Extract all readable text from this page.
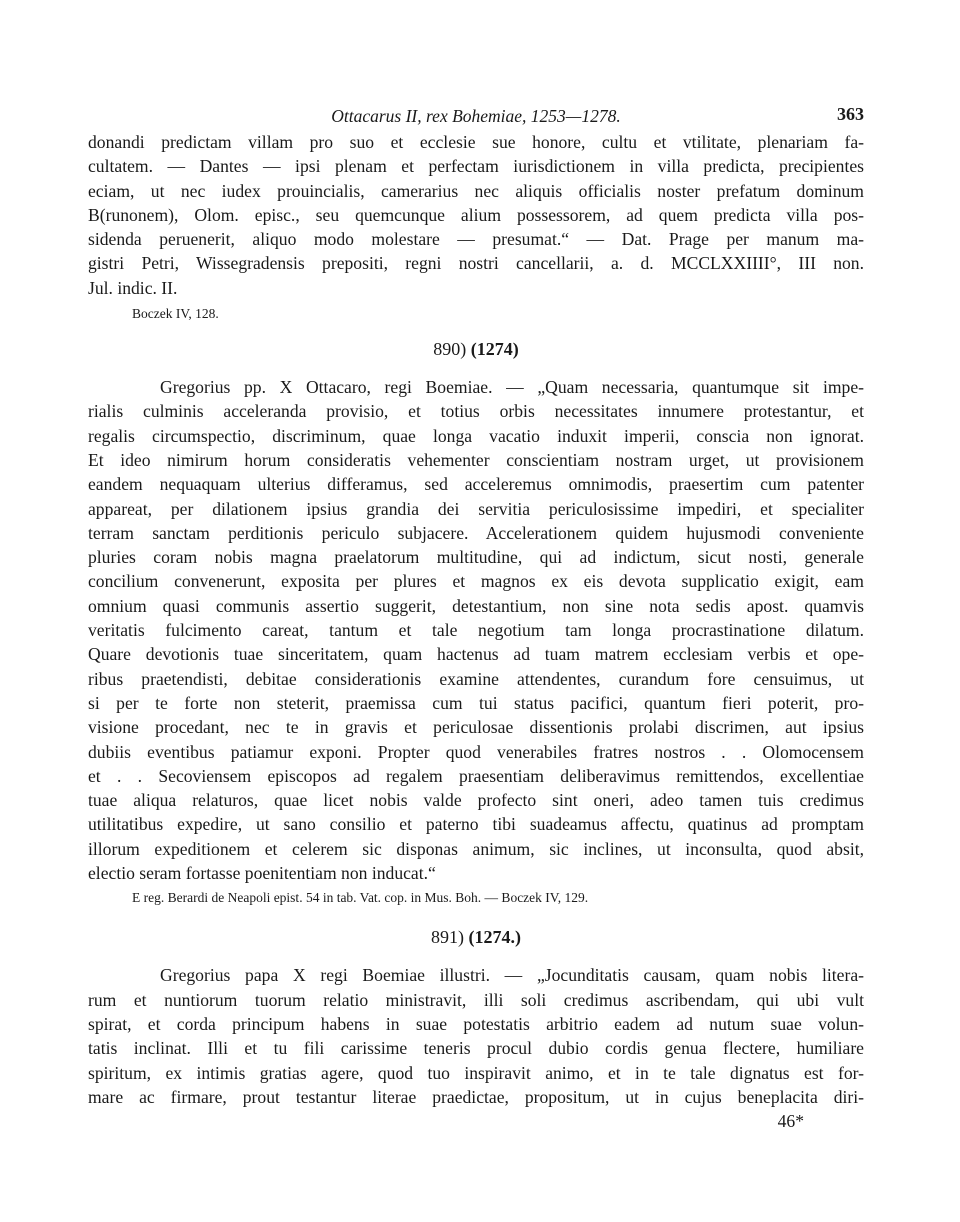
Ottacarus II, rex Bohemiae, 1253—1278.	363
donandi predictam villam pro suo et ecclesie sue honore, cultu et vtilitate, plenariam fa-
cultatem. — Dantes — ipsi plenam et perfectam iurisdictionem in villa predicta, precipientes
eciam, ut nec iudex prouincialis, camerarius nec aliquis officialis noster prefatum dominum
B(runonem), Olom. episc., seu quemcunque alium possessorem, ad quem predicta villa pos-
sidenda peruenerit, aliquo modo molestare — presumat.“ — Dat. Prage per manum ma-
gistri Petri, Wissegradensis prepositi, regni nostri cancellarii, a. d. MCCLXXIIII°, III non.
Jul. indic. II.
Boczek IV, 128.
890) (1274)
Gregorius pp. X Ottacaro, regi Boemiae. — „Quam necessaria, quantumque sit impe-
rialis culminis acceleranda provisio, et totius orbis necessitates innumere protestantur, et
regalis circumspectio, discriminum, quae longa vacatio induxit imperii, conscia non ignorat.
Et ideo nimirum horum consideratis vehementer conscientiam nostram urget, ut provisionem
eandem nequaquam ulterius differamus, sed acceleremus omnimodis, praesertim cum patenter
appareat, per dilationem ipsius grandia dei servitia periculosissime impediri, et specialiter
terram sanctam perditionis periculo subjacere. Accelerationem quidem hujusmodi conveniente
pluries coram nobis magna praelatorum multitudine, qui ad indictum, sicut nosti, generale
concilium convenerunt, exposita per plures et magnos ex eis devota supplicatio exigit, eam
omnium quasi communis assertio suggerit, detestantium, non sine nota sedis apost. quamvis
veritatis fulcimento careat, tantum et tale negotium tam longa procrastinatione dilatum.
Quare devotionis tuae sinceritatem, quam hactenus ad tuam matrem ecclesiam verbis et ope-
ribus praetendisti, debitae considerationis examine attendentes, curandum fore censuimus, ut
si per te forte non steterit, praemissa cum tui status pacifici, quantum fieri poterit, pro-
visione procedant, nec te in gravis et periculosae dissentionis prolabi discrimen, aut ipsius
dubiis eventibus patiamur exponi. Propter quod venerabiles fratres nostros . . Olomocensem
et . . Secoviensem episcopos ad regalem praesentiam deliberavimus remittendos, excellentiae
tuae aliqua relaturos, quae licet nobis valde profecto sint oneri, adeo tamen tuis credimus
utilitatibus expedire, ut sano consilio et paterno tibi suadeamus affectu, quatinus ad promptam
illorum expeditionem et celerem sic disponas animum, sic inclines, ut inconsulta, quod absit,
electio seram fortasse poenitentiam non inducat.“
E reg. Berardi de Neapoli epist. 54 in tab. Vat. cop. in Mus. Boh. — Boczek IV, 129.
891) (1274.)
Gregorius papa X regi Boemiae illustri. — „Jocunditatis causam, quam nobis litera-
rum et nuntiorum tuorum relatio ministravit, illi soli credimus ascribendam, qui ubi vult
spirat, et corda principum habens in suae potestatis arbitrio eadem ad nutum suae volun-
tatis inclinat. Illi et tu fili carissime teneris procul dubio cordis genua flectere, humiliare
spiritum, ex intimis gratias agere, quod tuo inspiravit animo, et in te tale dignatus est for-
mare ac firmare, prout testantur literae praedictae, propositum, ut in cujus beneplacita diri-
46*
